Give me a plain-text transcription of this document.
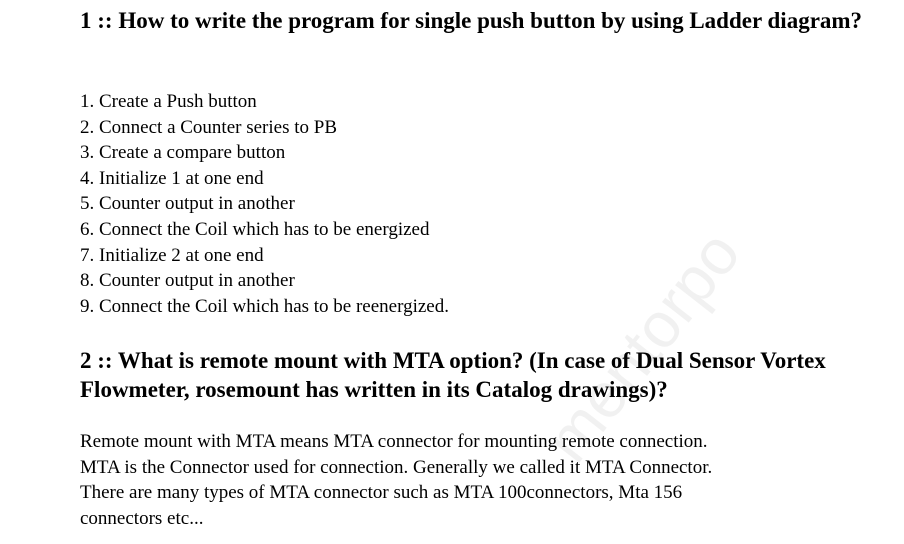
1 :: How to write the program for single push button by using Ladder diagram?
1. Create a Push button
2. Connect a Counter series to PB
3. Create a compare button
4. Initialize 1 at one end
5. Counter output in another
6. Connect the Coil which has to be energized
7. Initialize 2 at one end
8. Counter output in another
9. Connect the Coil which has to be reenergized.
2 :: What is remote mount with MTA option? (In case of Dual Sensor Vortex Flowmeter, rosemount has written in its Catalog drawings)?

Remote mount with MTA means MTA connector for mounting remote connection.
MTA is the Connector used for connection. Generally we called it MTA Connector.
There are many types of MTA connector such as MTA 100connectors, Mta 156
connectors etc...

mentorpo
